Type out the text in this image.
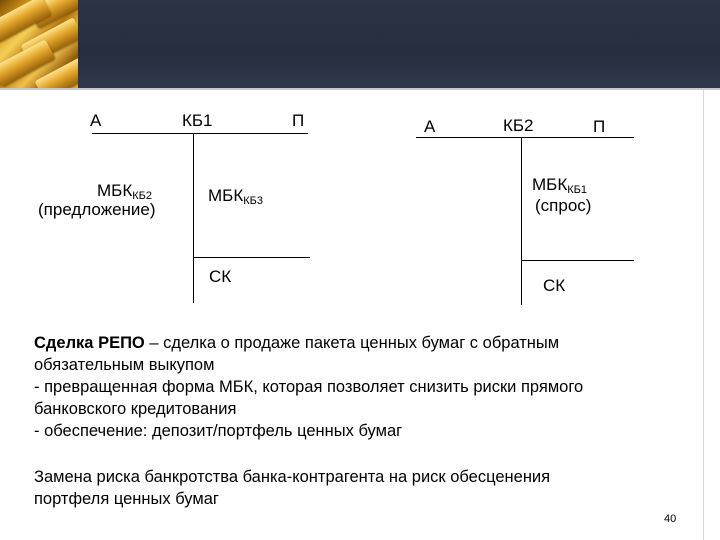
А	КБ1	П
$МБК_{КБ2}$
(предложение)
$МБК_{КБ3}$
СК
А	КБ2	П
$МБК_{КБ1}$
(спрос)
СК
Сделка РЕПО – сделка о продаже пакета ценных бумаг с обратным
обязательным выкупом
- превращенная форма МБК, которая позволяет снизить риски прямого
банковского кредитования
- обеспечение: депозит/портфель ценных бумаг
Замена риска банкротства банка-контрагента на риск обесценения
портфеля ценных бумаг
40
